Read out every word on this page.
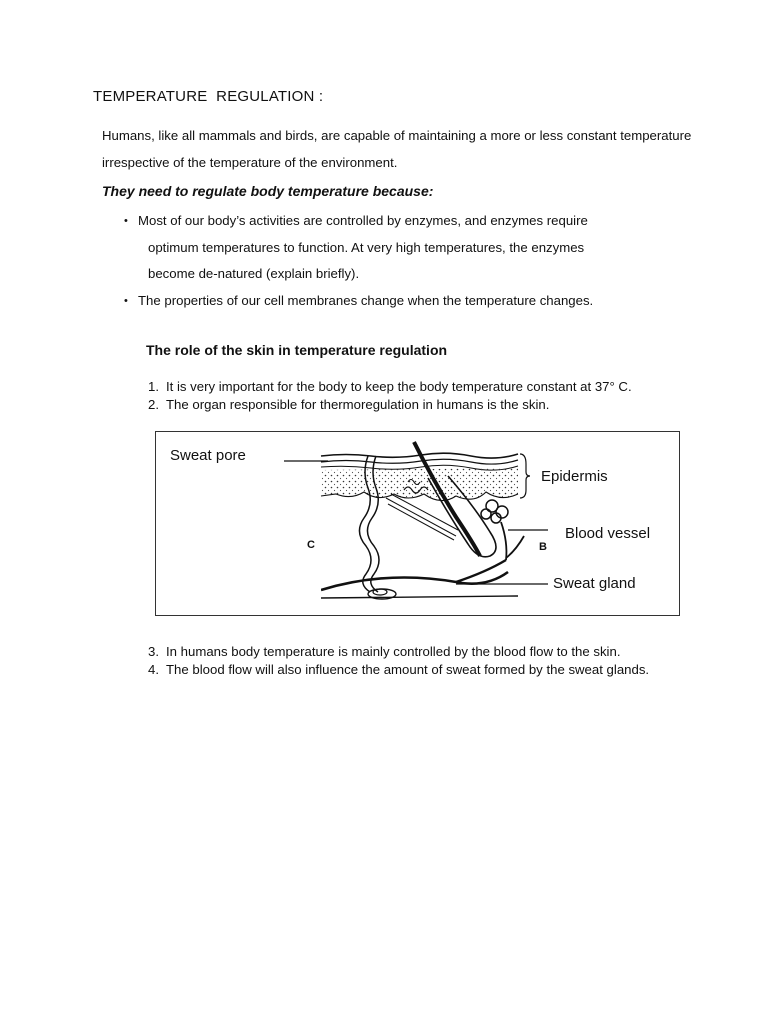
TEMPERATURE  REGULATION :
Humans, like all mammals and birds, are capable of maintaining a more or less constant temperature irrespective of the temperature of the environment.
They need to regulate body temperature because:
• Most of our body’s activities are controlled by enzymes, and enzymes require
optimum temperatures to function. At very high temperatures, the enzymes
become de-natured (explain briefly).
• The properties of our cell membranes change when the temperature changes.
The role of the skin in temperature regulation
1. It is very important for the body to keep the body temperature constant at 37° C.
2. The organ responsible for thermoregulation in humans is the skin.
Sweat pore
Epidermis
Blood vessel
Sweat gland
C	B
3. In humans body temperature is mainly controlled by the blood flow to the skin.
4. The blood flow will also influence the amount of sweat formed by the sweat glands.
